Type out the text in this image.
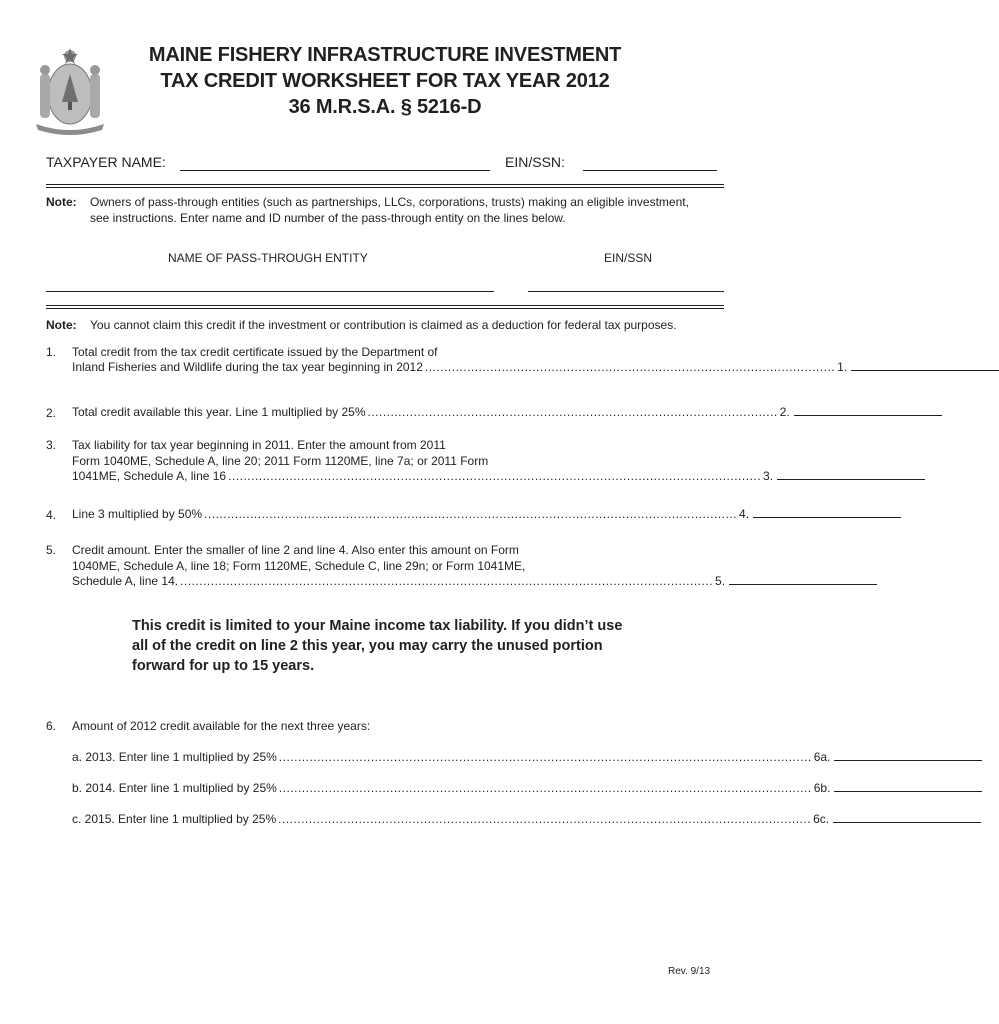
MAINE FISHERY INFRASTRUCTURE INVESTMENT
TAX CREDIT WORKSHEET FOR TAX YEAR 2012
36 M.R.S.A. § 5216-D
TAXPAYER NAME:	EIN/SSN:
Note: Owners of pass-through entities (such as partnerships, LLCs, corporations, trusts) making an eligible investment,
see instructions. Enter name and ID number of the pass-through entity on the lines below.
NAME OF PASS-THROUGH ENTITY	EIN/SSN
Note: You cannot claim this credit if the investment or contribution is claimed as a deduction for federal tax purposes.
1. Total credit from the tax credit certificate issued by the Department of
Inland Fisheries and Wildlife during the tax year beginning in 2012 ........................................................................................................... 1.
2. Total credit available this year. Line 1 multiplied by 25% ........................................................................................................... 2.
3. Tax liability for tax year beginning in 2011. Enter the amount from 2011
Form 1040ME, Schedule A, line 20; 2011 Form 1120ME, line 7a; or 2011 Form
1041ME, Schedule A, line 16 ........................................................................................................................................... 3.
4. Line 3 multiplied by 50% ........................................................................................................................................... 4.
5. Credit amount. Enter the smaller of line 2 and line 4. Also enter this amount on Form
1040ME, Schedule A, line 18; Form 1120ME, Schedule C, line 29n; or Form 1041ME,
Schedule A, line 14. ........................................................................................................................................... 5.
This credit is limited to your Maine income tax liability. If you didn’t use
all of the credit on line 2 this year, you may carry the unused portion
forward for up to 15 years.
6. Amount of 2012 credit available for the next three years:
a. 2013. Enter line 1 multiplied by 25% ........................................................................................................................................... 6a.
b. 2014. Enter line 1 multiplied by 25% ........................................................................................................................................... 6b.
c. 2015. Enter line 1 multiplied by 25% ........................................................................................................................................... 6c.
Rev. 9/13
